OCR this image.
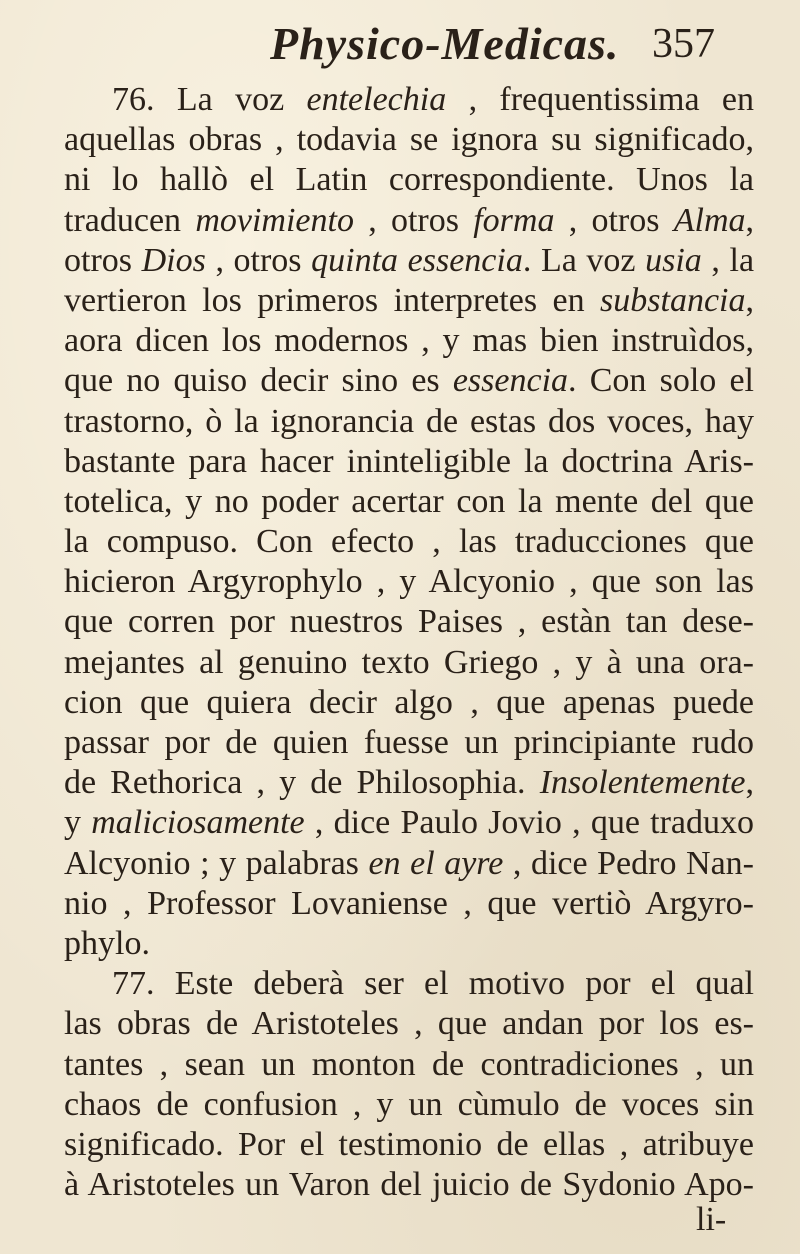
Physico-Medicas. 357
76. La voz entelechia , frequentissima en
aquellas obras , todavia se ignora su significado,
ni lo hallò el Latin correspondiente. Unos la
traducen movimiento , otros forma , otros Alma,
otros Dios , otros quinta essencia. La voz usia , la
vertieron los primeros interpretes en substancia,
aora dicen los modernos , y mas bien instruìdos,
que no quiso decir sino es essencia. Con solo el
trastorno, ò la ignorancia de estas dos voces, hay
bastante para hacer ininteligible la doctrina Aris-
totelica, y no poder acertar con la mente del que
la compuso. Con efecto , las traducciones que
hicieron Argyrophylo , y Alcyonio , que son las
que corren por nuestros Paises , estàn tan dese-
mejantes al genuino texto Griego , y à una ora-
cion que quiera decir algo , que apenas puede
passar por de quien fuesse un principiante rudo
de Rethorica , y de Philosophia. Insolentemente,
y maliciosamente , dice Paulo Jovio , que traduxo
Alcyonio ; y palabras en el ayre , dice Pedro Nan-
nio , Professor Lovaniense , que vertiò Argyro-
phylo.
77. Este deberà ser el motivo por el qual
las obras de Aristoteles , que andan por los es-
tantes , sean un monton de contradiciones , un
chaos de confusion , y un cùmulo de voces sin
significado. Por el testimonio de ellas , atribuye
à Aristoteles un Varon del juicio de Sydonio Apo-
li-
